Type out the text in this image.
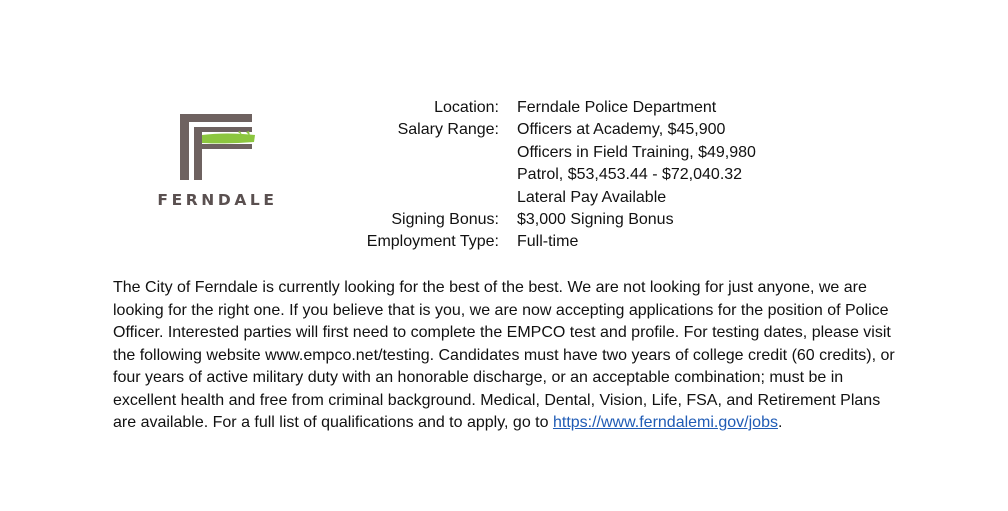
FERNDALE
Location:	Ferndale Police Department
Salary Range:	Officers at Academy, $45,900
Officers in Field Training, $49,980
Patrol, $53,453.44 - $72,040.32
Lateral Pay Available
Signing Bonus:	$3,000 Signing Bonus
Employment Type:	Full-time

The City of Ferndale is currently looking for the best of the best. We are not looking for just anyone, we are looking for the right one. If you believe that is you, we are now accepting applications for the position of Police Officer. Interested parties will first need to complete the EMPCO test and profile. For testing dates, please visit the following website www.empco.net/testing. Candidates must have two years of college credit (60 credits), or four years of active military duty with an honorable discharge, or an acceptable combination; must be in excellent health and free from criminal background. Medical, Dental, Vision, Life, FSA, and Retirement Plans are available. For a full list of qualifications and to apply, go to https://www.ferndalemi.gov/jobs.
